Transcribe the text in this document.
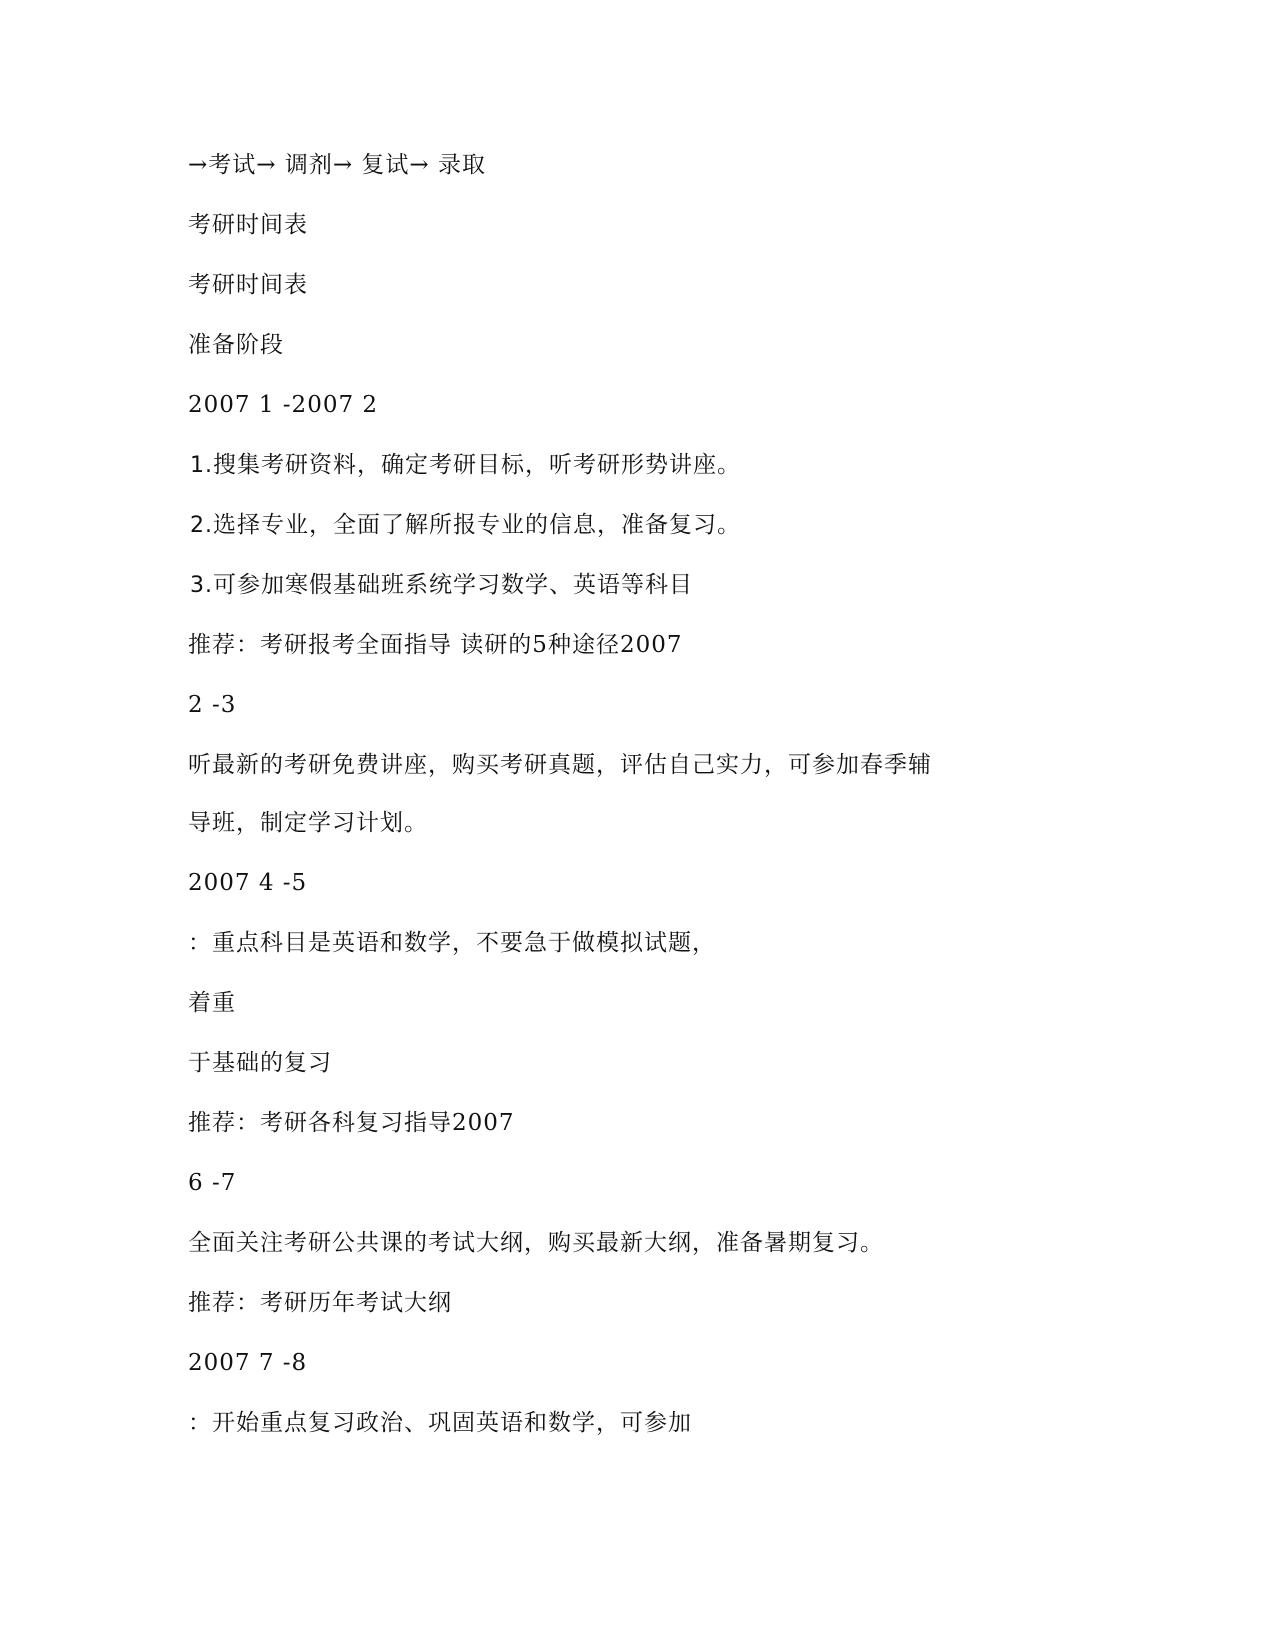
→考试→ 调剂→ 复试→ 录取
考研时间表
考研时间表
准备阶段
2007 1 -2007 2
1.搜集考研资料，确定考研目标，听考研形势讲座。
2.选择专业，全面了解所报专业的信息，准备复习。
3.可参加寒假基础班系统学习数学、英语等科目
推荐：考研报考全面指导 读研的5种途径2007
2 -3
听最新的考研免费讲座，购买考研真题，评估自己实力，可参加春季辅
导班，制定学习计划。
2007 4 -5
：重点科目是英语和数学，不要急于做模拟试题，
着重
于基础的复习
推荐：考研各科复习指导2007
6 -7
全面关注考研公共课的考试大纲，购买最新大纲，准备暑期复习。
推荐：考研历年考试大纲
2007 7 -8
：开始重点复习政治、巩固英语和数学，可参加
